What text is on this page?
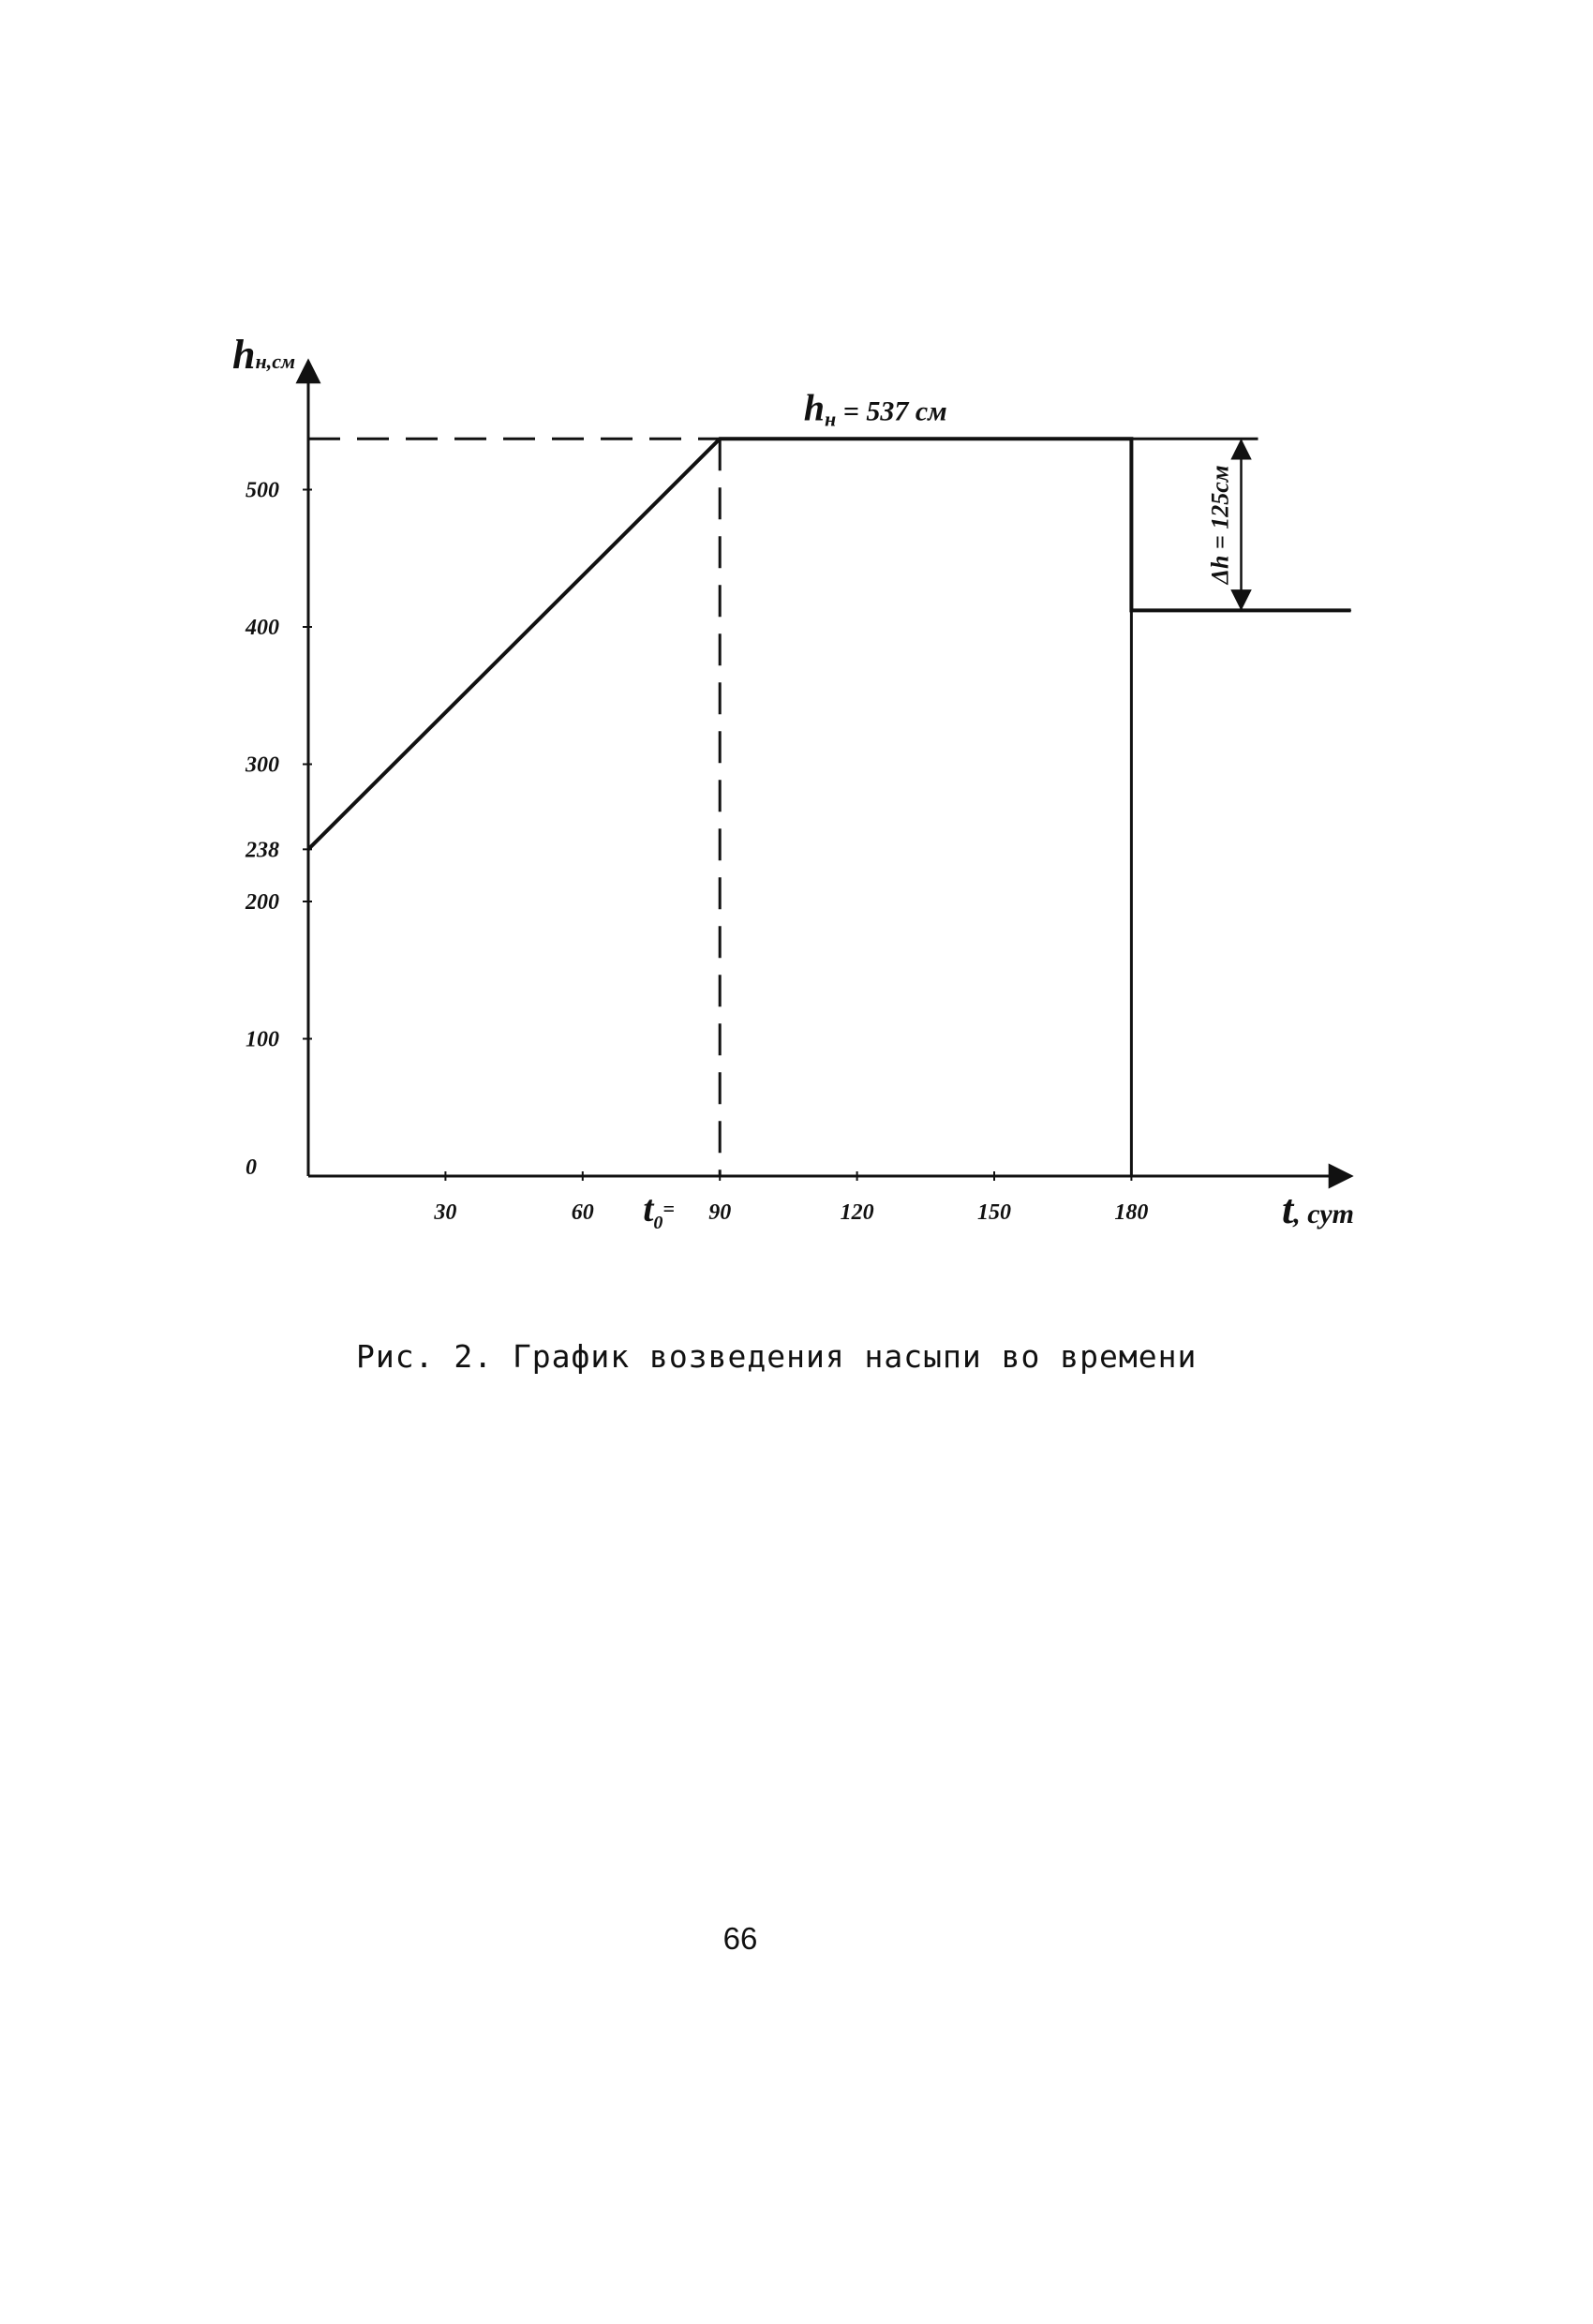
0
100
200
238
300
400
500
30	60	90	120	150	180
$t_0^=$
hн,см
t, сут
hн = 537 см
Δh = 125см
Рис. 2. График возведения насыпи во времени
66
